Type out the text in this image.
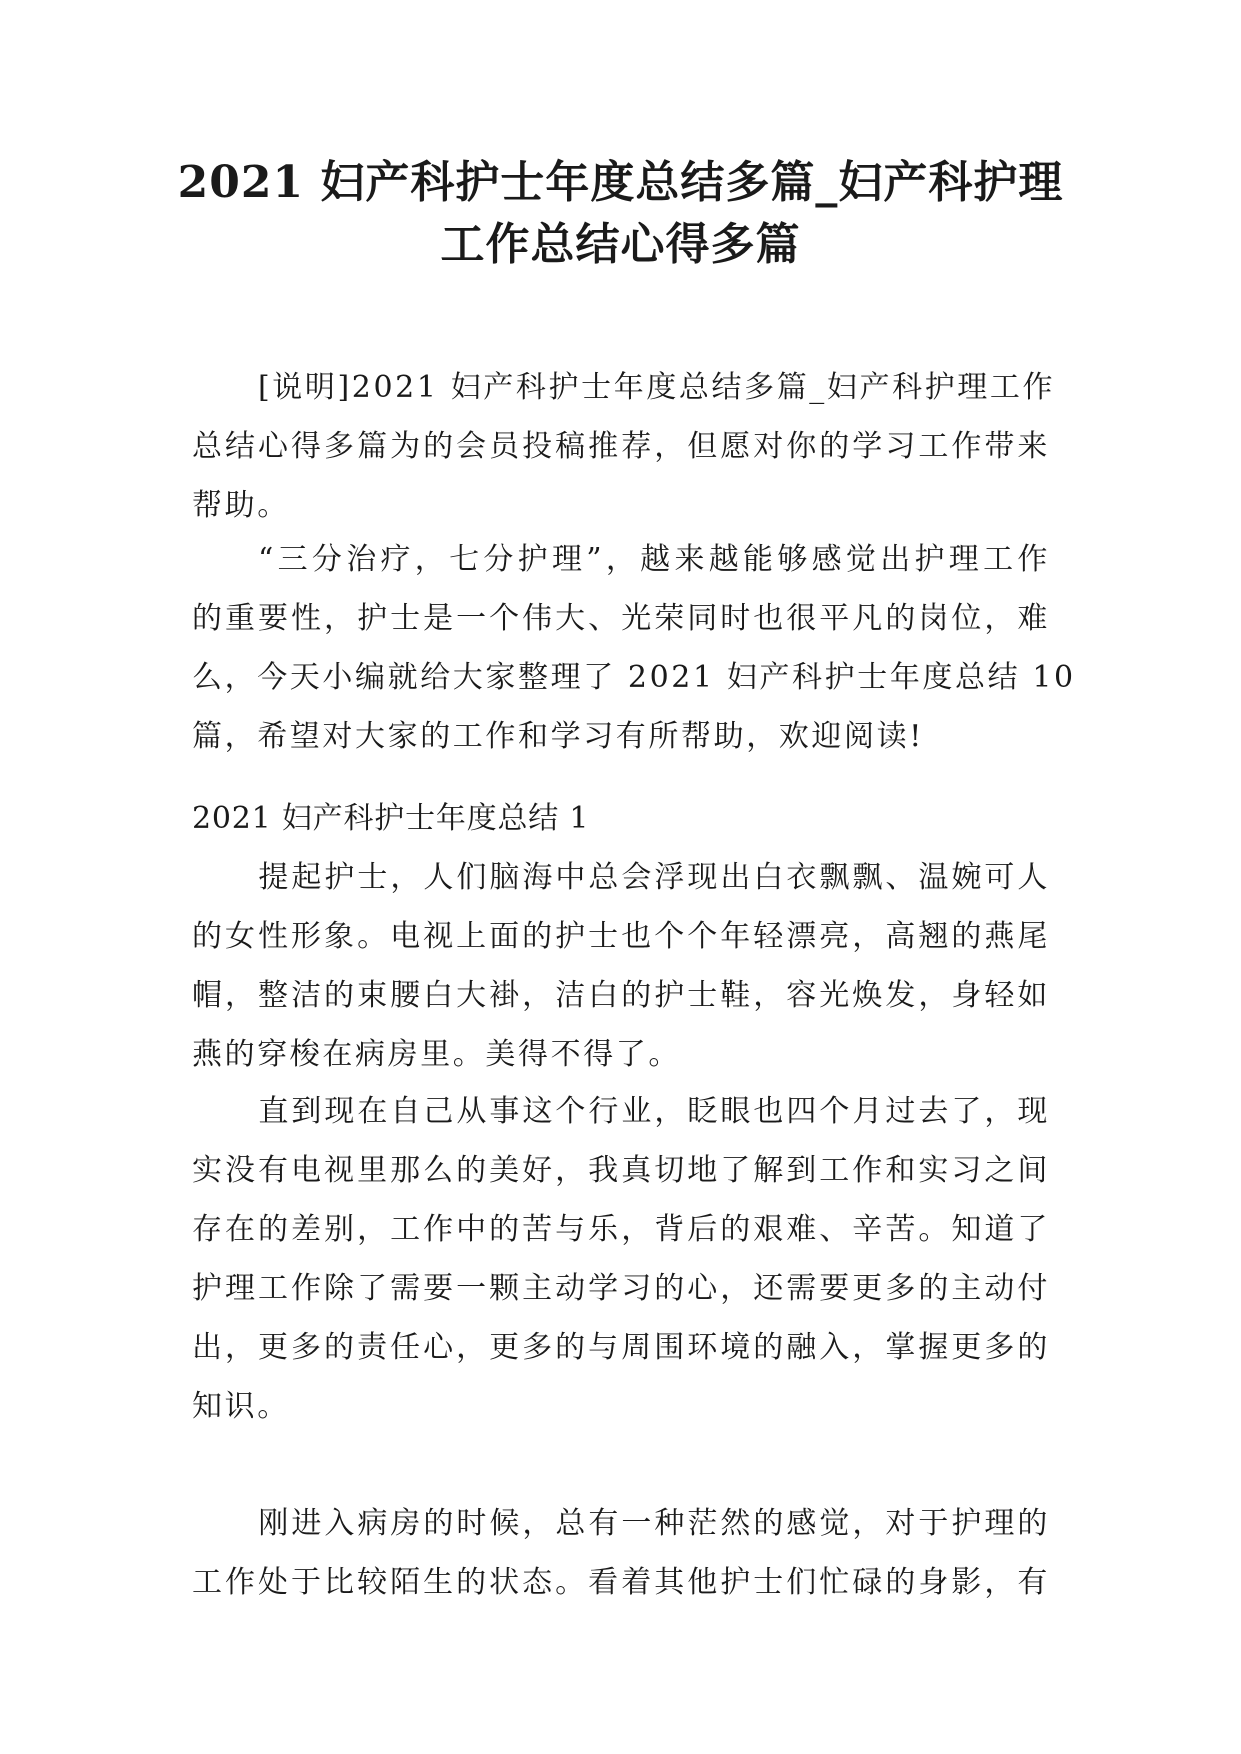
2021 妇产科护士年度总结多篇_妇产科护理
工作总结心得多篇
[说明]2021 妇产科护士年度总结多篇_妇产科护理工作
总结心得多篇为的会员投稿推荐，但愿对你的学习工作带来
帮助。
“三分治疗，七分护理”，越来越能够感觉出护理工作
的重要性，护士是一个伟大、光荣同时也很平凡的岗位，难
么，今天小编就给大家整理了 2021 妇产科护士年度总结 10
篇，希望对大家的工作和学习有所帮助，欢迎阅读!
2021 妇产科护士年度总结 1
提起护士，人们脑海中总会浮现出白衣飘飘、温婉可人
的女性形象。电视上面的护士也个个年轻漂亮，高翘的燕尾
帽，整洁的束腰白大褂，洁白的护士鞋，容光焕发，身轻如
燕的穿梭在病房里。美得不得了。
直到现在自己从事这个行业，眨眼也四个月过去了，现
实没有电视里那么的美好，我真切地了解到工作和实习之间
存在的差别，工作中的苦与乐，背后的艰难、辛苦。知道了
护理工作除了需要一颗主动学习的心，还需要更多的主动付
出，更多的责任心，更多的与周围环境的融入，掌握更多的
知识。
刚进入病房的时候，总有一种茫然的感觉，对于护理的
工作处于比较陌生的状态。看着其他护士们忙碌的身影，有
